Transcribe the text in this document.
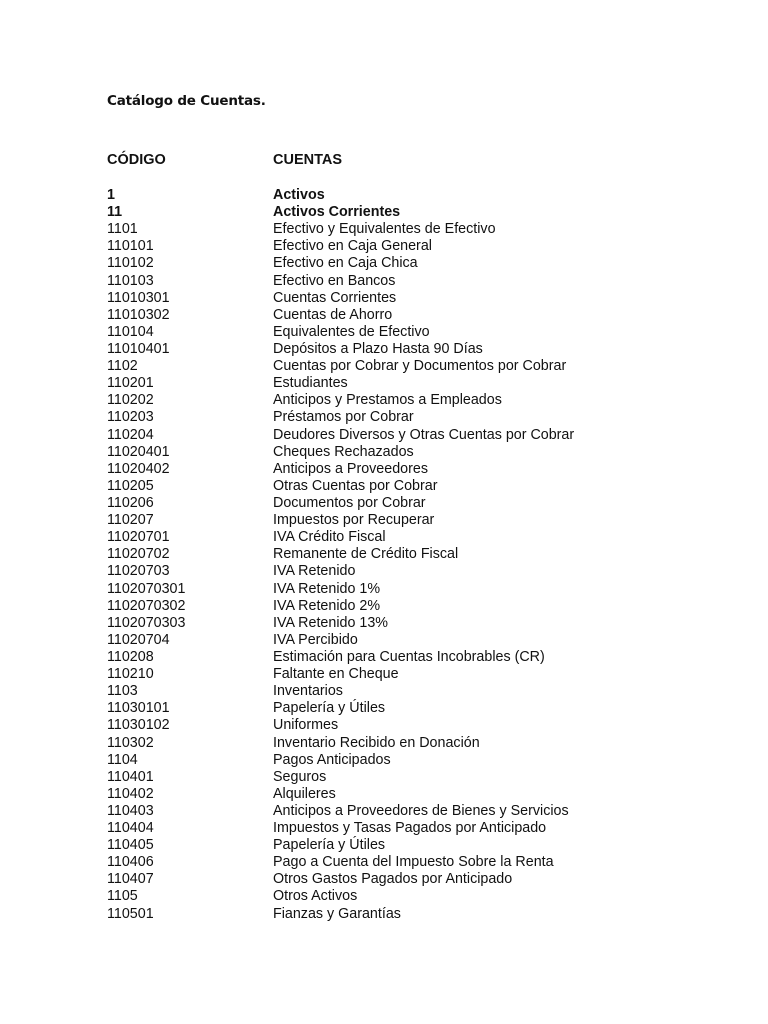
Catálogo de Cuentas.
CÓDIGO	CUENTAS
1	Activos
11	Activos Corrientes
1101	Efectivo y Equivalentes de Efectivo
110101	Efectivo en Caja General
110102	Efectivo en Caja Chica
110103	Efectivo en Bancos
11010301	Cuentas Corrientes
11010302	Cuentas de Ahorro
110104	Equivalentes de Efectivo
11010401	Depósitos a Plazo Hasta 90 Días
1102	Cuentas por Cobrar y Documentos por Cobrar
110201	Estudiantes
110202	Anticipos y Prestamos a Empleados
110203	Préstamos por Cobrar
110204	Deudores Diversos y Otras Cuentas por Cobrar
11020401	Cheques Rechazados
11020402	Anticipos a Proveedores
110205	Otras Cuentas por Cobrar
110206	Documentos por Cobrar
110207	Impuestos por Recuperar
11020701	IVA Crédito Fiscal
11020702	Remanente de Crédito Fiscal
11020703	IVA Retenido
1102070301	IVA Retenido 1%
1102070302	IVA Retenido 2%
1102070303	IVA Retenido 13%
11020704	IVA Percibido
110208	Estimación para Cuentas Incobrables (CR)
110210	Faltante en Cheque
1103	Inventarios
11030101	Papelería y Útiles
11030102	Uniformes
110302	Inventario Recibido en Donación
1104	Pagos Anticipados
110401	Seguros
110402	Alquileres
110403	Anticipos a Proveedores de Bienes y Servicios
110404	Impuestos y Tasas Pagados por Anticipado
110405	Papelería y Útiles
110406	Pago a Cuenta del Impuesto Sobre la Renta
110407	Otros Gastos Pagados por Anticipado
1105	Otros Activos
110501	Fianzas y Garantías
